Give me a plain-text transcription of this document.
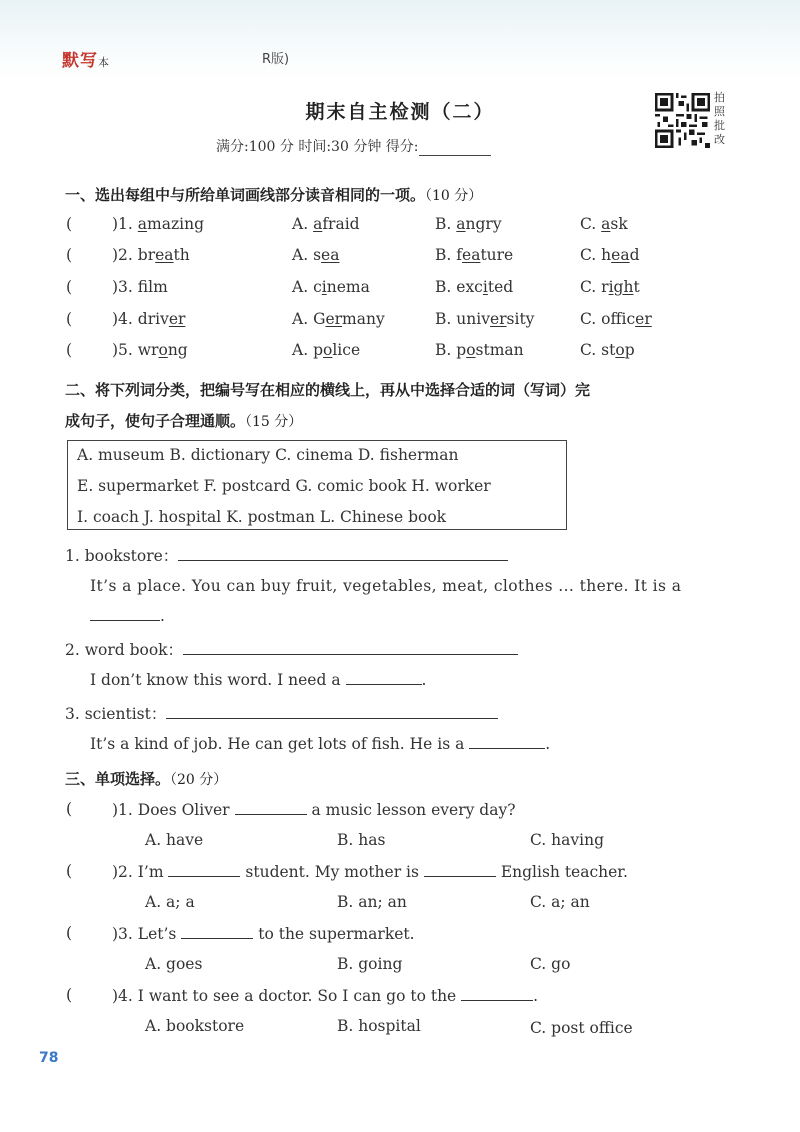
默写本	R版)
期末自主检测（二）
满分:100 分 时间:30 分钟 得分:
拍照批改
一、选出每组中与所给单词画线部分读音相同的一项。（10 分）
(	)1. amazing	A. afraid	B. angry	C. ask
(	)2. breath	A. sea	B. feature	C. head
(	)3. flm	A. cinema	B. excited	C. right
(	)4. driver	A. Germany	B. university	C. officer
(	)5. wrong	A. police	B. postman	C. stop
二、将下列词分类，把编号写在相应的横线上，再从中选择合适的词（写词）完
成句子，使句子合理通顺。（15 分）
A. museum B. dictionary C. cinema D. fisherman
E. supermarket F. postcard G. comic book H. worker
I. coach J. hospital K. postman L. Chinese book
1. bookstore：
It’s a place. You can buy fruit, vegetables, meat, clothes ... there. It is a
.
2. word book：
I don’t know this word. I need a	.
3. scientist：
It’s a kind of job. He can get lots of fish. He is a	.
三、单项选择。（20 分）
(	)1. Does Oliver	a music lesson every day?
A. have	B. has	C. having
(	)2. I’m	student. My mother is	English teacher.
A. a; a	B. an; an	C. a; an
(	)3. Let’s	to the supermarket.
A. goes	B. going	C. go
(	)4. I want to see a doctor. So I can go to the	.
A. bookstore	B. hospital	C. post office
78
